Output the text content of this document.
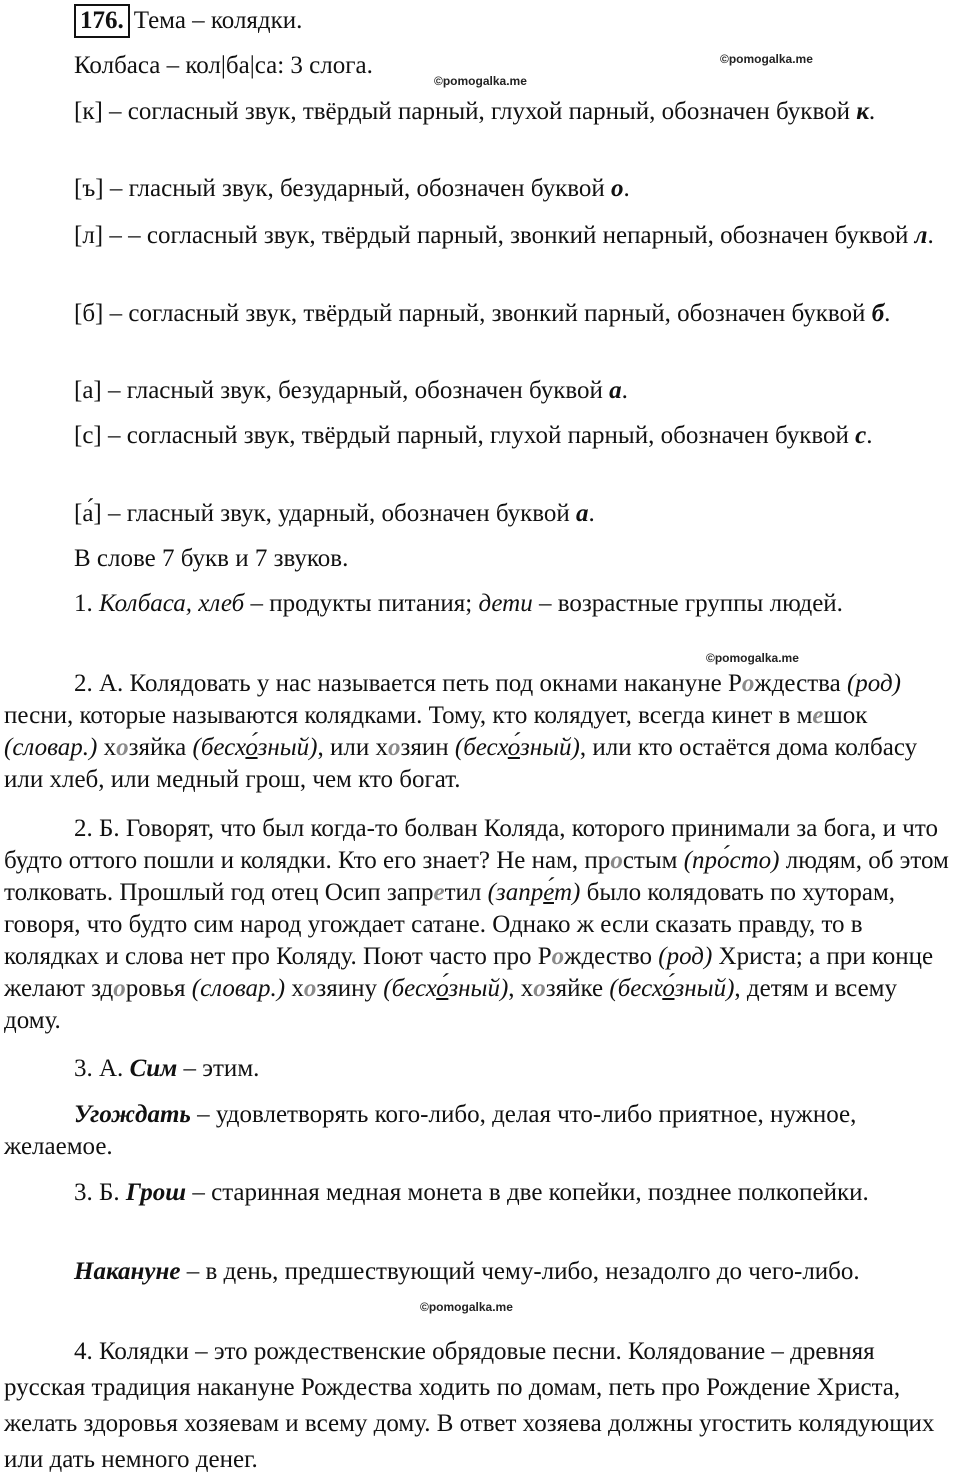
176. Тема – колядки.

©pomogalka.me

Колбаса – кол|ба|са: 3 слога.

©pomogalka.me

[к] – согласный звук, твёрдый парный, глухой парный, обозначен буквой к.

[ъ] – гласный звук, безударный, обозначен буквой о.

[л] – – согласный звук, твёрдый парный, звонкий непарный, обозначен буквой л.

[б] – согласный звук, твёрдый парный, звонкий парный, обозначен буквой б.

[а] – гласный звук, безударный, обозначен буквой а.

[с] – согласный звук, твёрдый парный, глухой парный, обозначен буквой с.

[а́] – гласный звук, ударный, обозначен буквой а.

В слове 7 букв и 7 звуков.

1. Колбаса, хлеб – продукты питания; дети – возрастные группы людей.

©pomogalka.me

2. А. Колядовать у нас называется петь под окнами накануне Рождества (род) песни, которые называются колядками. Тому, кто колядует, всегда кинет в мешок (словар.) хозяйка (бесхо́зный), или хозяин (бесхо́зный), или кто остаётся дома колбасу или хлеб, или медный грош, чем кто богат.

2. Б. Говорят, что был когда-то болван Коляда, которого принимали за бога, и что будто оттого пошли и колядки. Кто его знает? Не нам, простым (про́сто) людям, об этом толковать. Прошлый год отец Осип запретил (запре́т) было колядовать по хуторам, говоря, что будто сим народ угождает сатане. Однако ж если сказать правду, то в колядках и слова нет про Коляду. Поют часто про Рождество (род) Христа; а при конце желают здоровья (словар.) хозяину (бесхо́зный), хозяйке (бесхо́зный), детям и всему дому.

3. А. Сим – этим.

Угождать – удовлетворять кого-либо, делая что-либо приятное, нужное, желаемое.

3. Б. Грош – старинная медная монета в две копейки, позднее полкопейки.

Накануне – в день, предшествующий чему-либо, незадолго до чего-либо.

©pomogalka.me

4. Колядки – это рождественские обрядовые песни. Колядование – древняя русская традиция накануне Рождества ходить по домам, петь про Рождение Христа, желать здоровья хозяевам и всему дому. В ответ хозяева должны угостить колядующих или дать немного денег.
